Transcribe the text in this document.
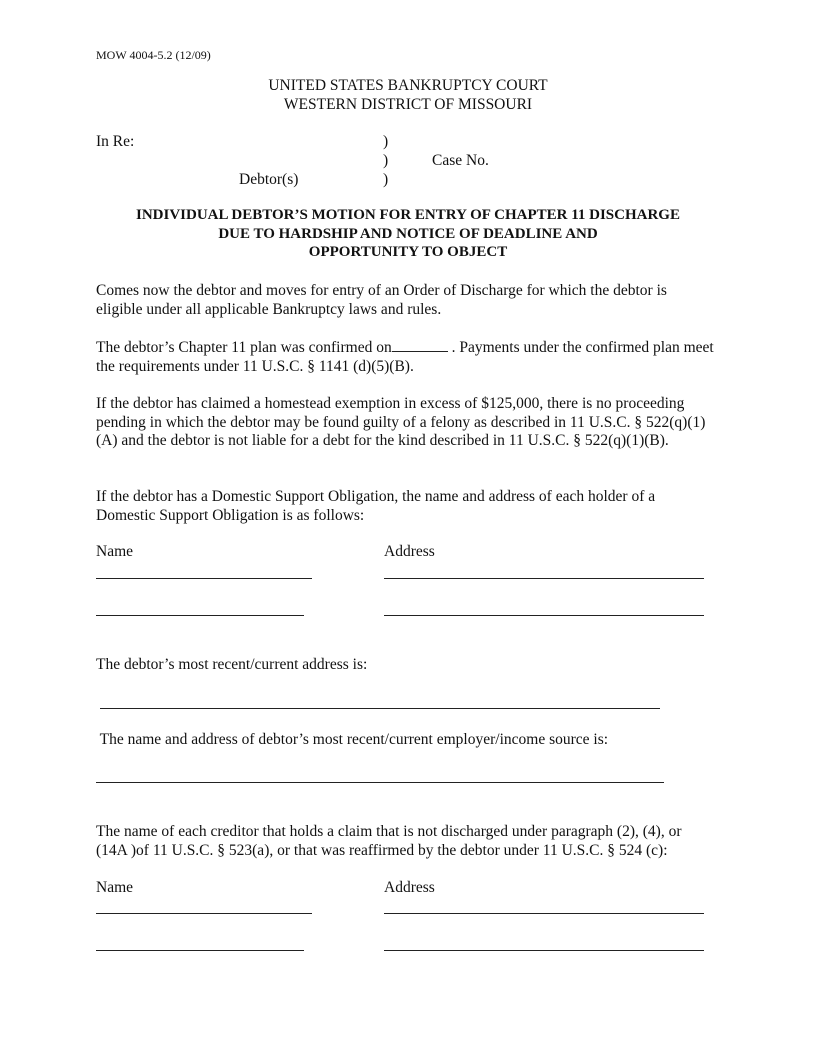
MOW 4004-5.2 (12/09)
UNITED STATES BANKRUPTCY COURT
WESTERN DISTRICT OF MISSOURI
In Re:	)
)	Case No.
Debtor(s)	)
INDIVIDUAL DEBTOR’S MOTION FOR ENTRY OF CHAPTER 11 DISCHARGE
DUE TO HARDSHIP AND NOTICE OF DEADLINE AND
OPPORTUNITY TO OBJECT
Comes now the debtor and moves for entry of an Order of Discharge for which the debtor is eligible under all applicable Bankruptcy laws and rules.
The debtor’s Chapter 11 plan was confirmed on	. Payments under the confirmed plan meet the requirements under 11 U.S.C. § 1141 (d)(5)(B).
If the debtor has claimed a homestead exemption in excess of $125,000, there is no proceeding pending in which the debtor may be found guilty of a felony as described in 11 U.S.C. § 522(q)(1)(A) and the debtor is not liable for a debt for the kind described in 11 U.S.C. § 522(q)(1)(B).
If the debtor has a Domestic Support Obligation, the name and address of each holder of a Domestic Support Obligation is as follows:
Name	Address
The debtor’s most recent/current address is:
The name and address of debtor’s most recent/current employer/income source is:
The name of each creditor that holds a claim that is not discharged under paragraph (2), (4), or (14A )of 11 U.S.C. § 523(a), or that was reaffirmed by the debtor under 11 U.S.C. § 524 (c):
Name	Address
